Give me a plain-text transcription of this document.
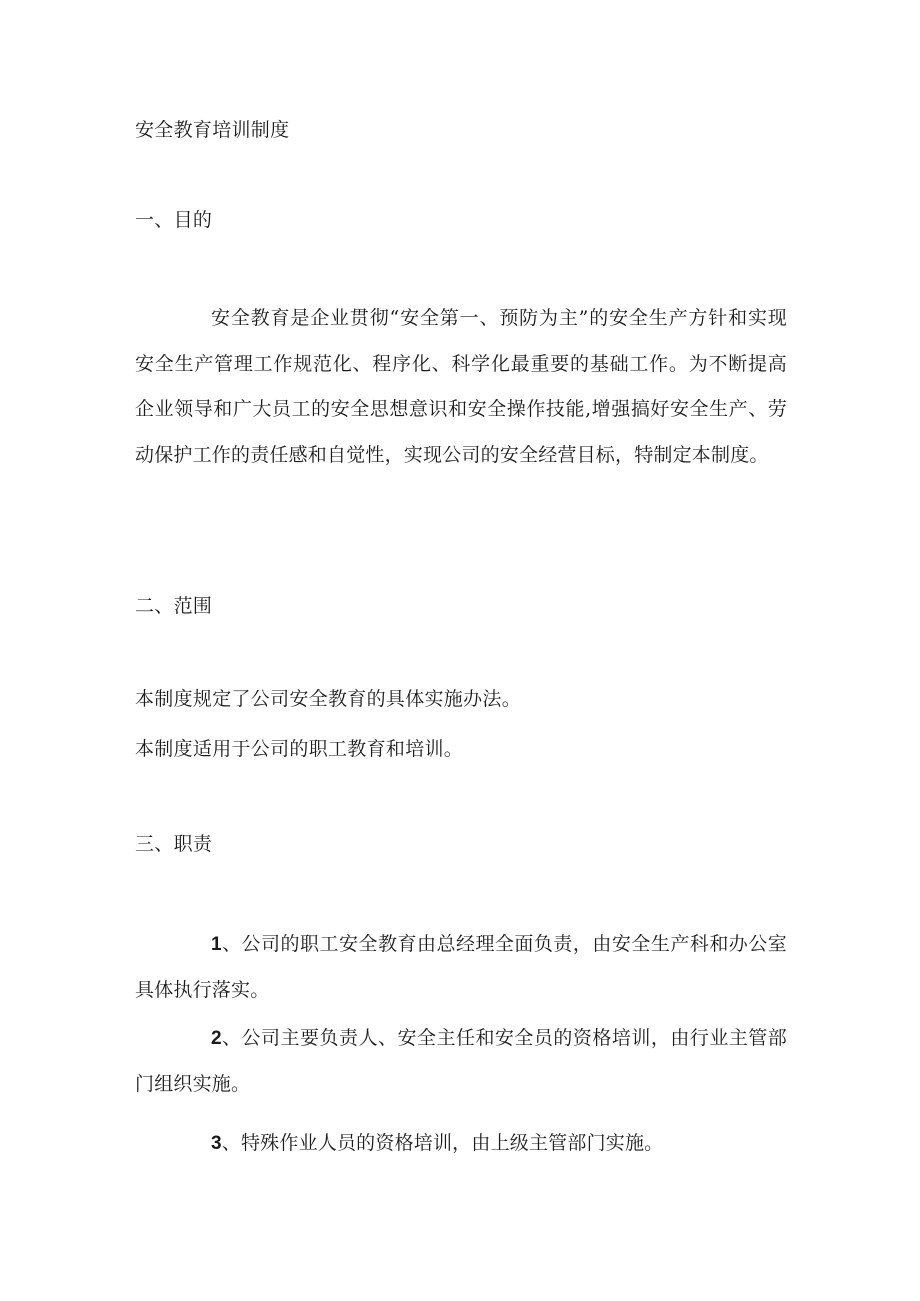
安全教育培训制度
一、目的
安全教育是企业贯彻“安全第一、预防为主”的安全生产方针和实现安全生产管理工作规范化、程序化、科学化最重要的基础工作。为不断提高企业领导和广大员工的安全思想意识和安全操作技能,增强搞好安全生产、劳动保护工作的责任感和自觉性，实现公司的安全经营目标，特制定本制度。
二、范围
本制度规定了公司安全教育的具体实施办法。
本制度适用于公司的职工教育和培训。
三、职责
1、公司的职工安全教育由总经理全面负责，由安全生产科和办公室具体执行落实。
2、公司主要负责人、安全主任和安全员的资格培训，由行业主管部门组织实施。
3、特殊作业人员的资格培训，由上级主管部门实施。
